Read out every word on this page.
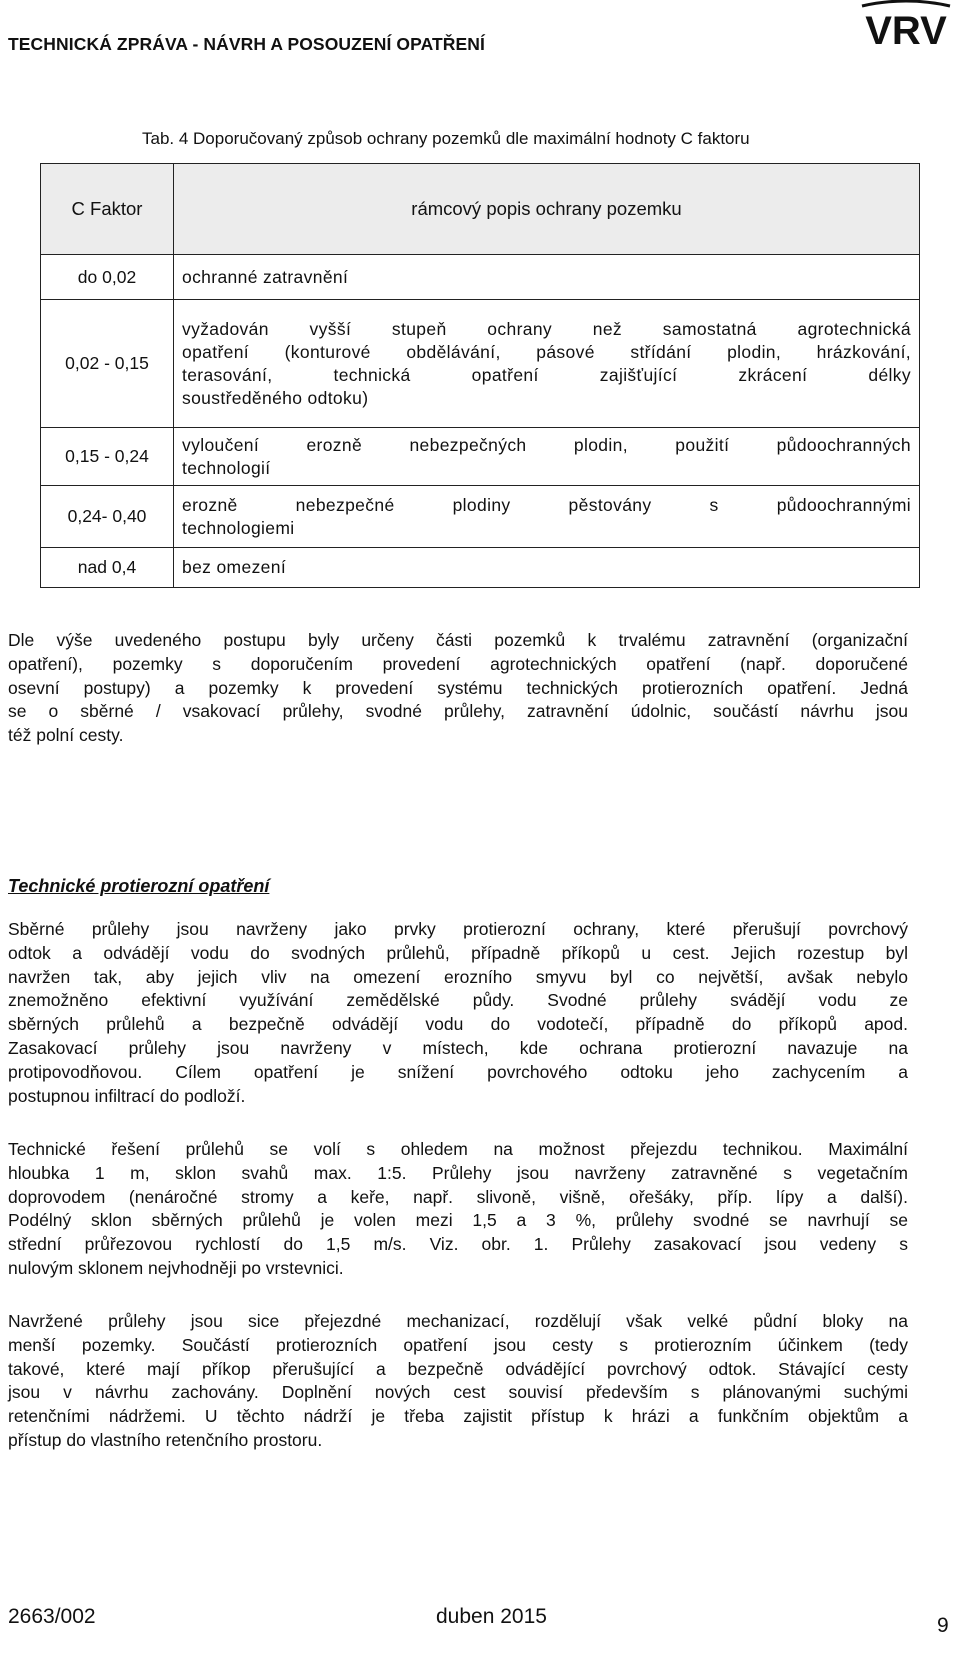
TECHNICKÁ ZPRÁVA - NÁVRH A POSOUZENÍ OPATŘENÍ	VRV
Tab. 4 Doporučovaný způsob ochrany pozemků dle maximální hodnoty C faktoru
C Faktor	rámcový popis ochrany pozemku
do 0,02	ochranné zatravnění

0,02 - 0,15	vyžadován vyšší stupeň ochrany než samostatná agrotechnická
opatření (konturové obdělávání, pásové střídání plodin, hrázkování,
terasování, technická opatření zajišťující zkrácení délky
soustředěného odtoku)

0,15 - 0,24	vyloučení erozně nebezpečných plodin, použití půdoochranných
technologií

0,24- 0,40	erozně nebezpečné plodiny pěstovány s půdoochrannými
technologiemi

nad 0,4	bez omezení
Dle výše uvedeného postupu byly určeny části pozemků k trvalému zatravnění (organizační
opatření), pozemky s doporučením provedení agrotechnických opatření (např. doporučené
osevní postupy) a pozemky k provedení systému technických protierozních opatření. Jedná
se o sběrné / vsakovací průlehy, svodné průlehy, zatravnění údolnic, součástí návrhu jsou
též polní cesty.
Technické protierozní opatření
Sběrné průlehy jsou navrženy jako prvky protierozní ochrany, které přerušují povrchový
odtok a odvádějí vodu do svodných průlehů, případně příkopů u cest. Jejich rozestup byl
navržen tak, aby jejich vliv na omezení erozního smyvu byl co největší, avšak nebylo
znemožněno efektivní využívání zemědělské půdy. Svodné průlehy svádějí vodu ze
sběrných průlehů a bezpečně odvádějí vodu do vodotečí, případně do příkopů apod.
Zasakovací průlehy jsou navrženy v místech, kde ochrana protierozní navazuje na
protipovodňovou. Cílem opatření je snížení povrchového odtoku jeho zachycením a
postupnou infiltrací do podloží.
Technické řešení průlehů se volí s ohledem na možnost přejezdu technikou. Maximální
hloubka 1 m, sklon svahů max. 1:5. Průlehy jsou navrženy zatravněné s vegetačním
doprovodem (nenáročné stromy a keře, např. slivoně, višně, ořešáky, příp. lípy a další).
Podélný sklon sběrných průlehů je volen mezi 1,5 a 3 %, průlehy svodné se navrhují se
střední průřezovou rychlostí do 1,5 m/s. Viz. obr. 1. Průlehy zasakovací jsou vedeny s
nulovým sklonem nejvhodněji po vrstevnici.
Navržené průlehy jsou sice přejezdné mechanizací, rozdělují však velké půdní bloky na
menší pozemky. Součástí protierozních opatření jsou cesty s protierozním účinkem (tedy
takové, které mají příkop přerušující a bezpečně odvádějící povrchový odtok. Stávající cesty
jsou v návrhu zachovány. Doplnění nových cest souvisí především s plánovanými suchými
retenčními nádržemi. U těchto nádrží je třeba zajistit přístup k hrázi a funkčním objektům a
přístup do vlastního retenčního prostoru.
2663/002	duben 2015	9
